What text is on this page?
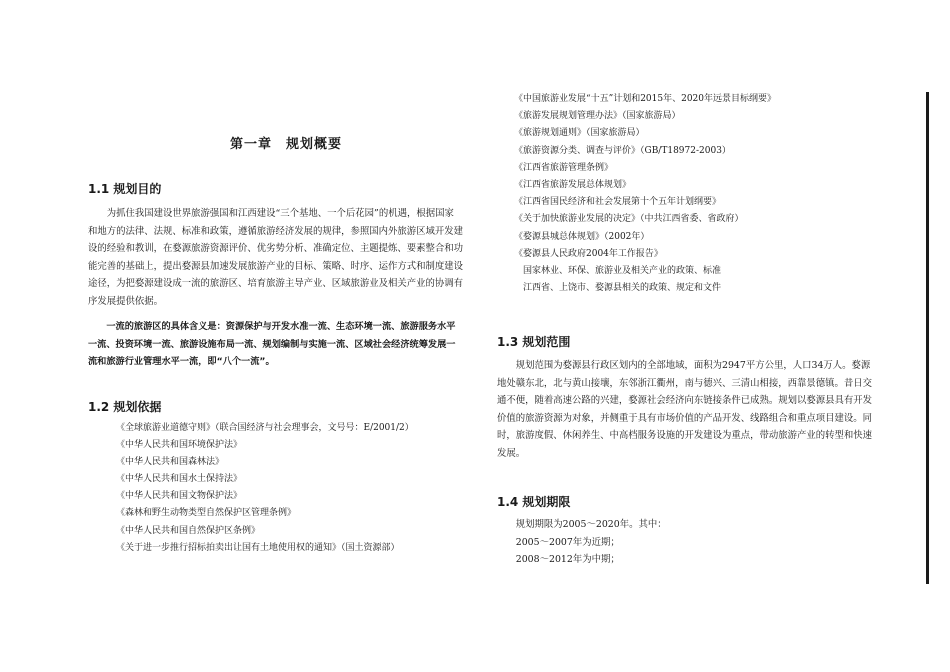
第一章　规划概要
1.1 规划目的
　　为抓住我国建设世界旅游强国和江西建设“三个基地、一个后花园”的机遇，根据国家
和地方的法律、法规、标准和政策，遵循旅游经济发展的规律，参照国内外旅游区域开发建
设的经验和教训，在婺源旅游资源评价、优劣势分析、准确定位、主题提炼、要素整合和功
能完善的基础上，提出婺源县加速发展旅游产业的目标、策略、时序、运作方式和制度建设
途径，为把婺源建设成一流的旅游区、培育旅游主导产业、区域旅游业及相关产业的协调有
序发展提供依据。
　　一流的旅游区的具体含义是：资源保护与开发水准一流、生态环境一流、旅游服务水平
一流、投资环境一流、旅游设施布局一流、规划编制与实施一流、区域社会经济统筹发展一
流和旅游行业管理水平一流，即“八个一流”。
1.2 规划依据
《全球旅游业道德守则》（联合国经济与社会理事会，文号号：E/2001/2）
《中华人民共和国环境保护法》
《中华人民共和国森林法》
《中华人民共和国水土保持法》
《中华人民共和国文物保护法》
《森林和野生动物类型自然保护区管理条例》
《中华人民共和国自然保护区条例》
《关于进一步推行招标拍卖出让国有土地使用权的通知》（国土资源部）
《中国旅游业发展“十五”计划和2015年、2020年远景目标纲要》
《旅游发展规划管理办法》（国家旅游局）
《旅游规划通则》（国家旅游局）
《旅游资源分类、调查与评价》（GB/T18972-2003）
《江西省旅游管理条例》
《江西省旅游发展总体规划》
《江西省国民经济和社会发展第十个五年计划纲要》
《关于加快旅游业发展的决定》（中共江西省委、省政府）
《婺源县城总体规划》（2002年）
《婺源县人民政府2004年工作报告》
　国家林业、环保、旅游业及相关产业的政策、标准
　江西省、上饶市、婺源县相关的政策、规定和文件
1.3 规划范围
　　规划范围为婺源县行政区划内的全部地域，面积为2947平方公里，人口34万人。婺源
地处赣东北，北与黄山接壤，东邻浙江衢州，南与德兴、三清山相接，西靠景德镇。昔日交
通不便，随着高速公路的兴建，婺源社会经济向东链接条件已成熟。规划以婺源县具有开发
价值的旅游资源为对象，并侧重于具有市场价值的产品开发、线路组合和重点项目建设。同
时，旅游度假、休闲养生、中高档服务设施的开发建设为重点，带动旅游产业的转型和快速
发展。
1.4 规划期限
　　规划期限为2005～2020年。其中：
　　2005～2007年为近期；
　　2008～2012年为中期；
